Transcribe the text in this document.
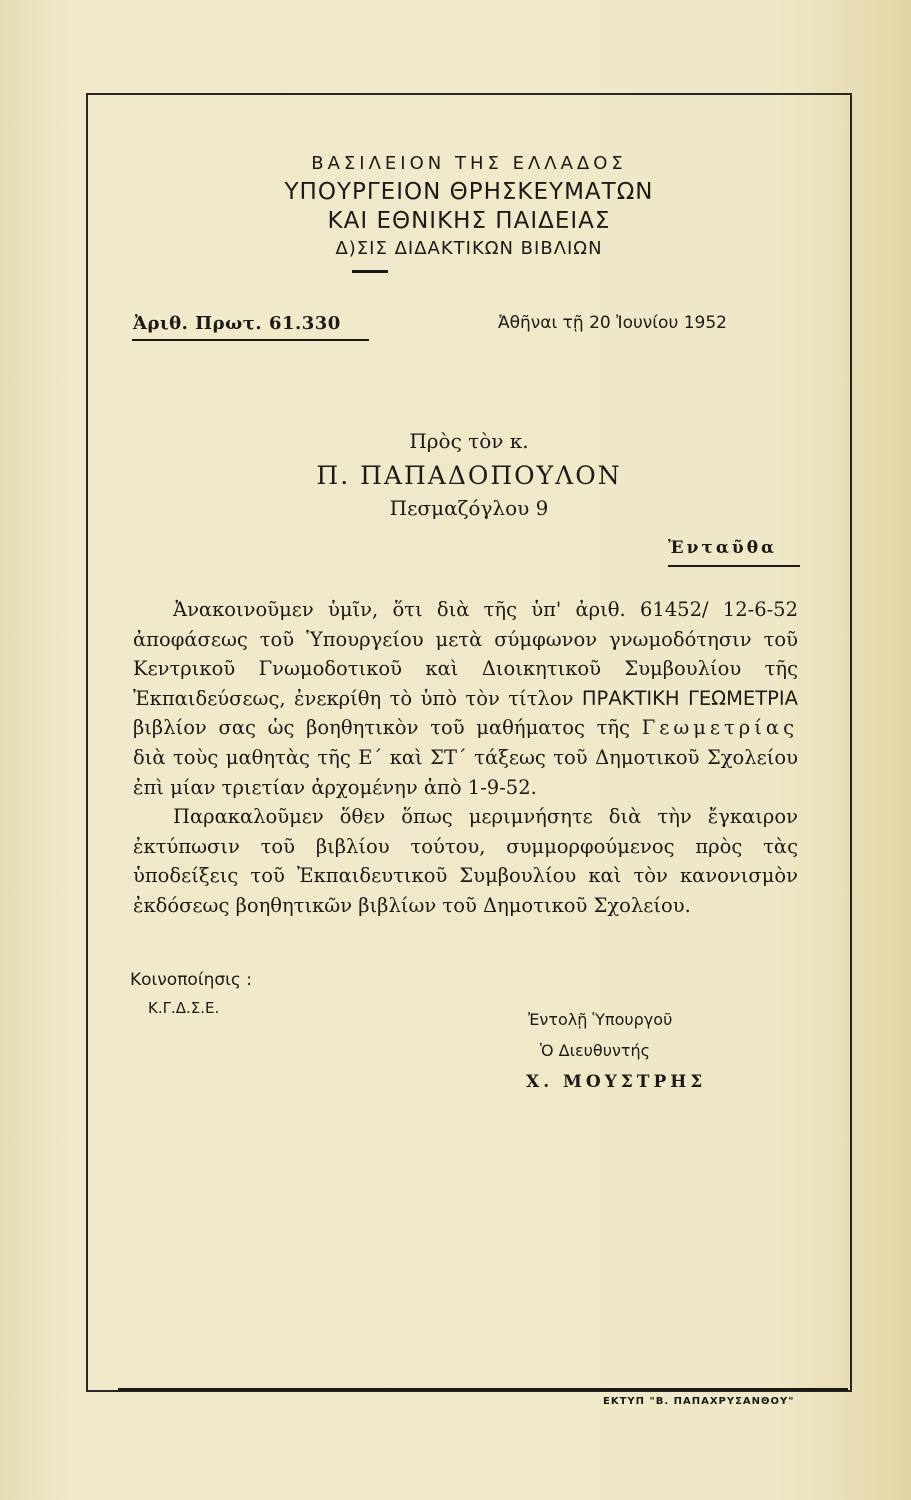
ΒΑΣΙΛΕΙΟΝ ΤΗΣ ΕΛΛΑΔΟΣ
ΥΠΟΥΡΓΕΙΟΝ ΘΡΗΣΚΕΥΜΑΤΩΝ
ΚΑΙ ΕΘΝΙΚΗΣ ΠΑΙΔΕΙΑΣ
Δ)ΣΙΣ ΔΙΔΑΚΤΙΚΩΝ ΒΙΒΛΙΩΝ
Ἀριθ. Πρωτ. 61.330	Ἀθῆναι τῇ 20 Ἰουνίου 1952
Πρὸς τὸν κ.
Π. ΠΑΠΑΔΟΠΟΥΛΟΝ
Πεσμαζόγλου 9
Ἐνταῦθα

Ἀνακοινοῦμεν ὑμῖν, ὅτι διὰ τῆς ὑπ' ἀριθ. 61452/ 12-6-52 ἀποφάσεως τοῦ Ὑπουργείου μετὰ σύμφωνον γνωμοδότησιν τοῦ Κεντρικοῦ Γνωμοδοτικοῦ καὶ Διοικητικοῦ Συμβουλίου τῆς Ἐκπαιδεύσεως, ἐνεκρίθη τὸ ὑπὸ τὸν τίτλον ΠΡΑΚΤΙΚΗ ΓΕΩΜΕΤΡΙΑ βιβλίον σας ὡς βοηθητικὸν τοῦ μαθήματος τῆς Γεωμετρίας διὰ τοὺς μαθητὰς τῆς Ε΄ καὶ ΣΤ΄ τάξεως τοῦ Δημοτικοῦ Σχολείου ἐπὶ μίαν τριετίαν ἀρχομένην ἀπὸ 1-9-52.

Παρακαλοῦμεν ὅθεν ὅπως μεριμνήσητε διὰ τὴν ἔγκαιρον ἐκτύπωσιν τοῦ βιβλίου τούτου, συμμορφούμενος πρὸς τὰς ὑποδείξεις τοῦ Ἐκπαιδευτικοῦ Συμβουλίου καὶ τὸν κανονισμὸν ἐκδόσεως βοηθητικῶν βιβλίων τοῦ Δημοτικοῦ Σχολείου.

Κοινοποίησις :
Κ.Γ.Δ.Σ.Ε.
Ἐντολῇ Ὑπουργοῦ
Ὁ Διευθυντής
Χ. ΜΟΥΣΤΡΗΣ
ΕΚΤΥΠ "Β. ΠΑΠΑΧΡΥΣΑΝΘΟΥ"
